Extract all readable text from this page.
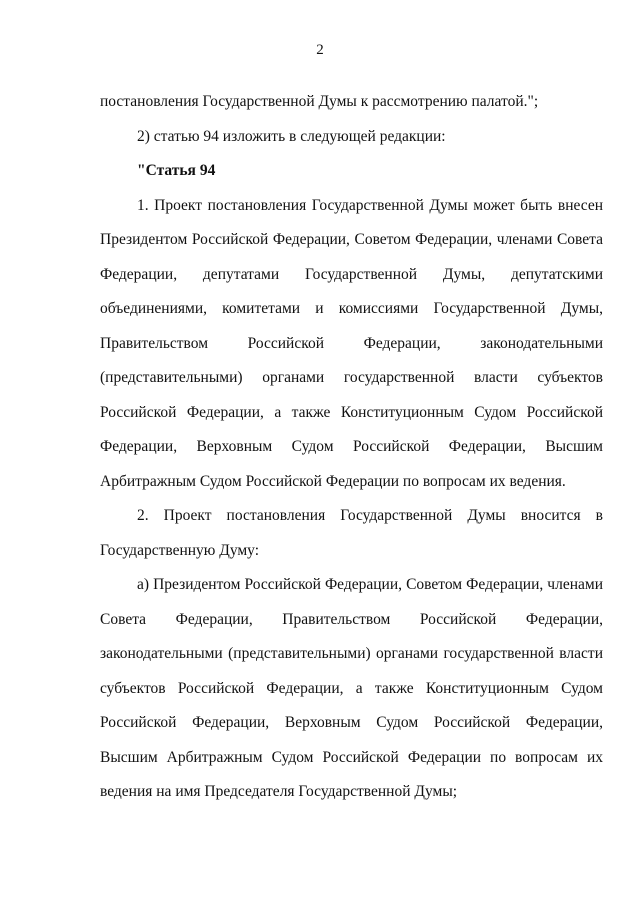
2

постановления Государственной Думы к рассмотрению палатой.";

2) статью 94 изложить в следующей редакции:

"Статья 94

1. Проект постановления Государственной Думы может быть внесен Президентом Российской Федерации, Советом Федерации, членами Совета Федерации, депутатами Государственной Думы, депутатскими объединениями, комитетами и комиссиями Государственной Думы, Правительством Российской Федерации, законодательными (представительными) органами государственной власти субъектов Российской Федерации, а также Конституционным Судом Российской Федерации, Верховным Судом Российской Федерации, Высшим Арбитражным Судом Российской Федерации по вопросам их ведения.

2. Проект постановления Государственной Думы вносится в Государственную Думу:

а) Президентом Российской Федерации, Советом Федерации, членами Совета Федерации, Правительством Российской Федерации, законодательными (представительными) органами государственной власти субъектов Российской Федерации, а также Конституционным Судом Российской Федерации, Верховным Судом Российской Федерации, Высшим Арбитражным Судом Российской Федерации по вопросам их ведения на имя Председателя Государственной Думы;
